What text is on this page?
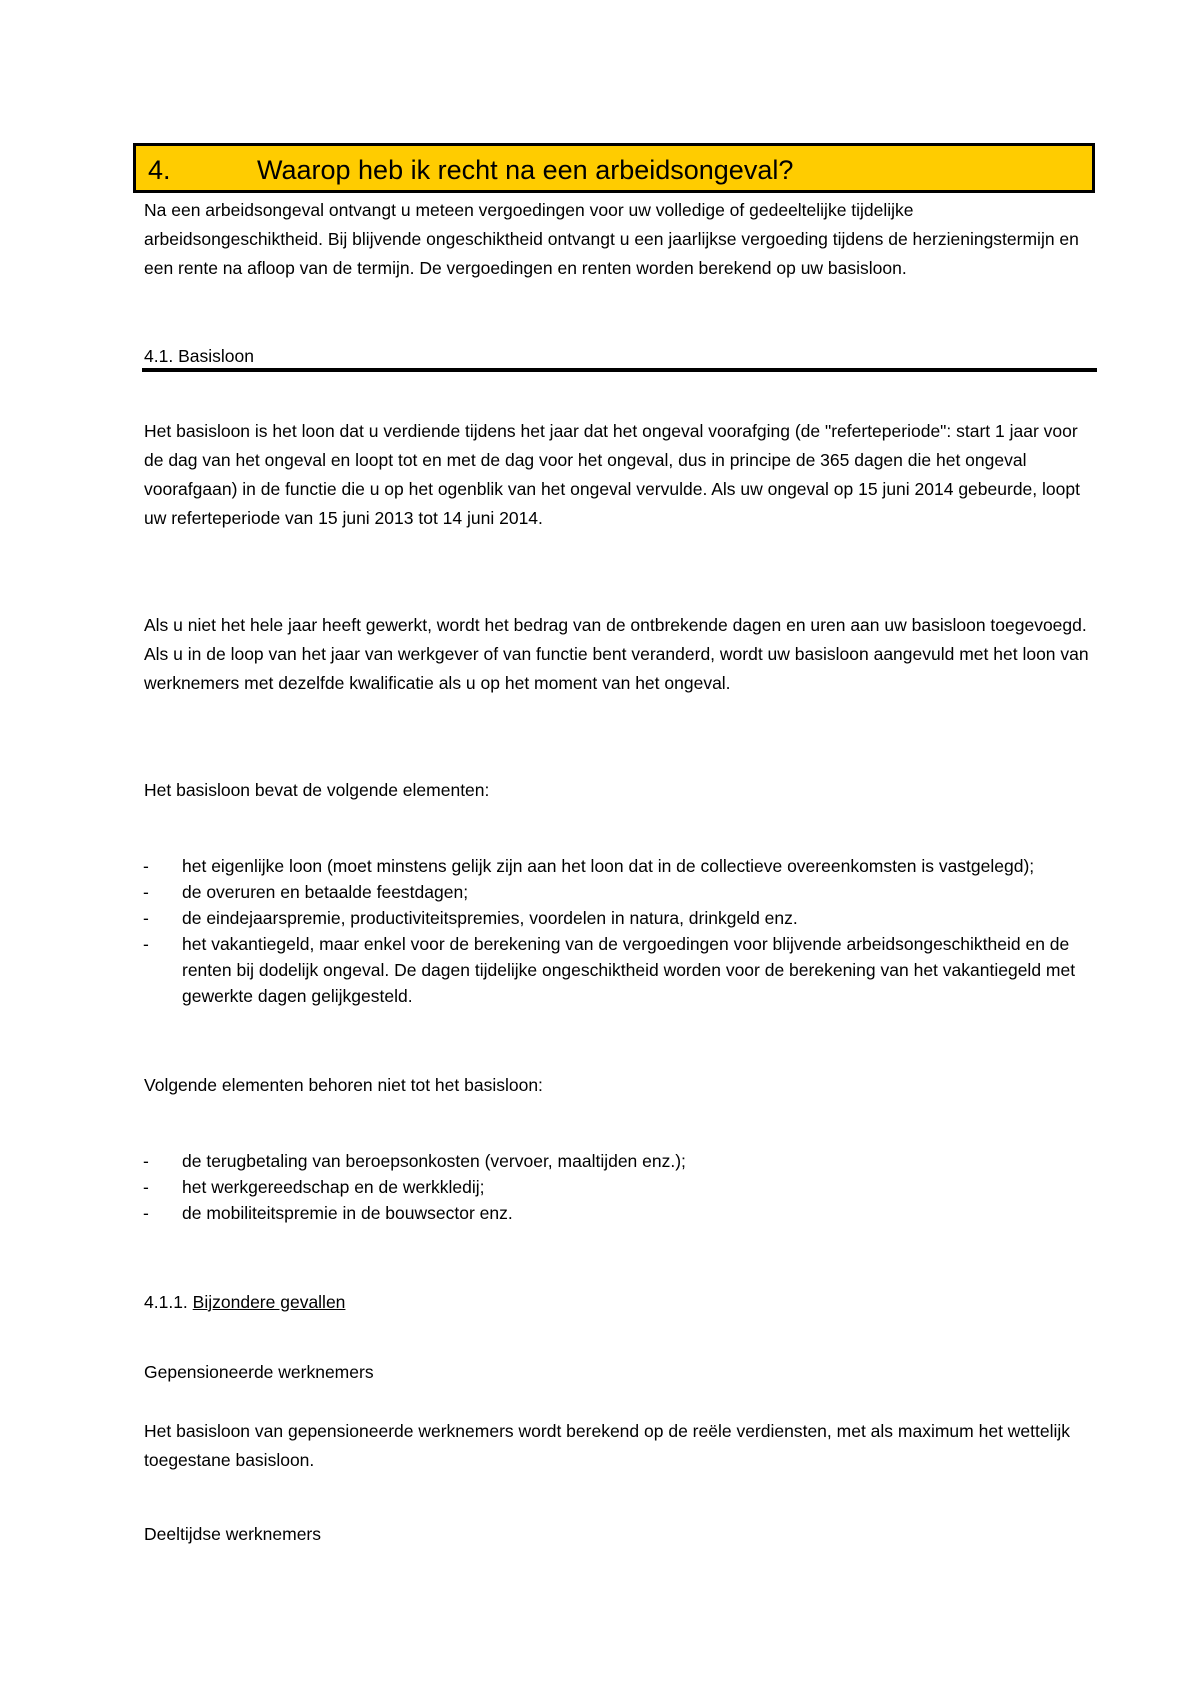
4.	Waarop heb ik recht na een arbeidsongeval?

Na een arbeidsongeval ontvangt u meteen vergoedingen voor uw volledige of gedeeltelijke tijdelijke arbeidsongeschiktheid. Bij blijvende ongeschiktheid ontvangt u een jaarlijkse vergoeding tijdens de herzieningstermijn en een rente na afloop van de termijn. De vergoedingen en renten worden berekend op uw basisloon.

4.1. Basisloon

Het basisloon is het loon dat u verdiende tijdens het jaar dat het ongeval voorafging (de "referteperiode": start 1 jaar voor de dag van het ongeval en loopt tot en met de dag voor het ongeval, dus in principe de 365 dagen die het ongeval voorafgaan) in de functie die u op het ogenblik van het ongeval vervulde. Als uw ongeval op 15 juni 2014 gebeurde, loopt uw referteperiode van 15 juni 2013 tot 14 juni 2014.

Als u niet het hele jaar heeft gewerkt, wordt het bedrag van de ontbrekende dagen en uren aan uw basisloon toegevoegd. Als u in de loop van het jaar van werkgever of van functie bent veranderd, wordt uw basisloon aangevuld met het loon van werknemers met dezelfde kwalificatie als u op het moment van het ongeval.

Het basisloon bevat de volgende elementen:

- het eigenlijke loon (moet minstens gelijk zijn aan het loon dat in de collectieve overeenkomsten is vastgelegd);
- de overuren en betaalde feestdagen;
- de eindejaarspremie, productiviteitspremies, voordelen in natura, drinkgeld enz.
- het vakantiegeld, maar enkel voor de berekening van de vergoedingen voor blijvende arbeidsongeschiktheid en de renten bij dodelijk ongeval. De dagen tijdelijke ongeschiktheid worden voor de berekening van het vakantiegeld met gewerkte dagen gelijkgesteld.

Volgende elementen behoren niet tot het basisloon:

- de terugbetaling van beroepsonkosten (vervoer, maaltijden enz.);
- het werkgereedschap en de werkkledij;
- de mobiliteitspremie in de bouwsector enz.
4.1.1. Bijzondere gevallen

Gepensioneerde werknemers

Het basisloon van gepensioneerde werknemers wordt berekend op de reële verdiensten, met als maximum het wettelijk toegestane basisloon.

Deeltijdse werknemers
